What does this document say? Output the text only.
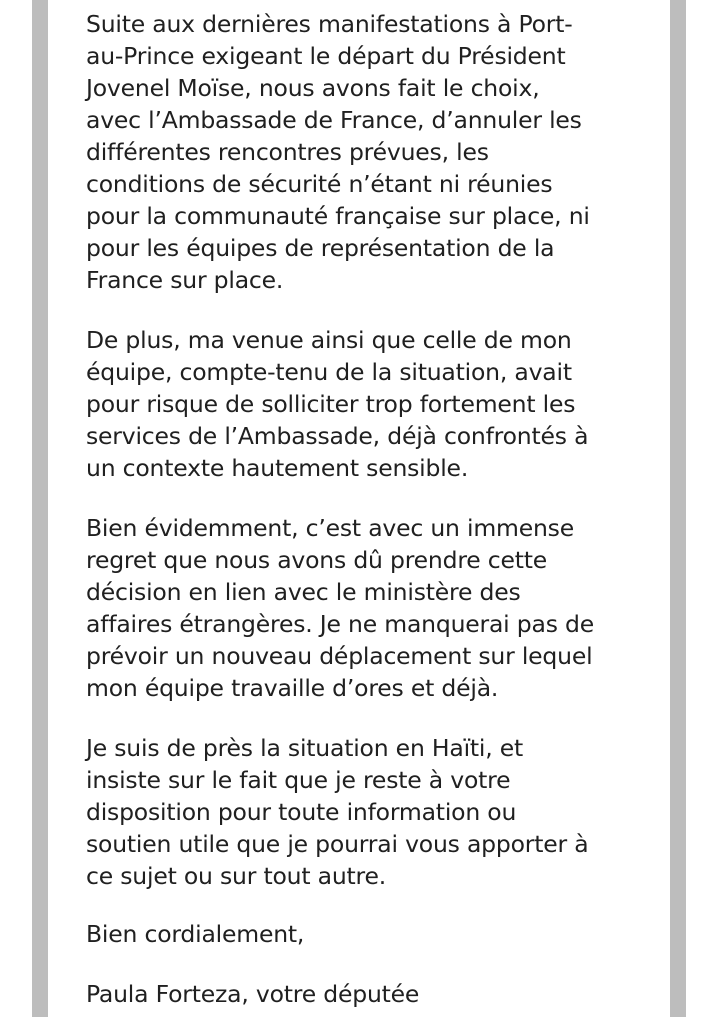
Suite aux dernières manifestations à Port-
au-Prince exigeant le départ du Président
Jovenel Moïse, nous avons fait le choix,
avec l’Ambassade de France, d’annuler les
différentes rencontres prévues, les
conditions de sécurité n’étant ni réunies
pour la communauté française sur place, ni
pour les équipes de représentation de la
France sur place.
De plus, ma venue ainsi que celle de mon
équipe, compte-tenu de la situation, avait
pour risque de solliciter trop fortement les
services de l’Ambassade, déjà confrontés à
un contexte hautement sensible.
Bien évidemment, c’est avec un immense
regret que nous avons dû prendre cette
décision en lien avec le ministère des
affaires étrangères. Je ne manquerai pas de
prévoir un nouveau déplacement sur lequel
mon équipe travaille d’ores et déjà.
Je suis de près la situation en Haïti, et
insiste sur le fait que je reste à votre
disposition pour toute information ou
soutien utile que je pourrai vous apporter à
ce sujet ou sur tout autre.
Bien cordialement,
Paula Forteza, votre députée
